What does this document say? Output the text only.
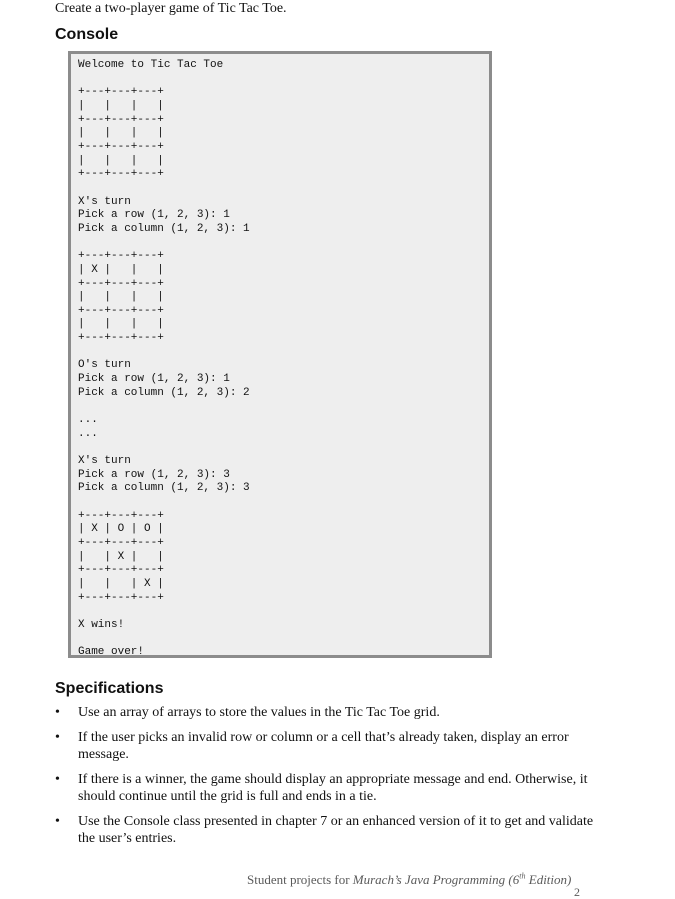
Create a two-player game of Tic Tac Toe.
Console
Welcome to Tic Tac Toe

+---+---+---+
|   |   |   |
+---+---+---+
|   |   |   |
+---+---+---+
|   |   |   |
+---+---+---+

X's turn
Pick a row (1, 2, 3): 1
Pick a column (1, 2, 3): 1

+---+---+---+
| X |   |   |
+---+---+---+
|   |   |   |
+---+---+---+
|   |   |   |
+---+---+---+

O's turn
Pick a row (1, 2, 3): 1
Pick a column (1, 2, 3): 2

...
...

X's turn
Pick a row (1, 2, 3): 3
Pick a column (1, 2, 3): 3

+---+---+---+
| X | O | O |
+---+---+---+
|   | X |   |
+---+---+---+
|   |   | X |
+---+---+---+

X wins!

Game over!
Specifications
• Use an array of arrays to store the values in the Tic Tac Toe grid.
• If the user picks an invalid row or column or a cell that’s already taken, display an error message.
• If there is a winner, the game should display an appropriate message and end. Otherwise, it should continue until the grid is full and ends in a tie.
• Use the Console class presented in chapter 7 or an enhanced version of it to get and validate the user’s entries.
Student projects for Murach’s Java Programming (6th Edition)
2
